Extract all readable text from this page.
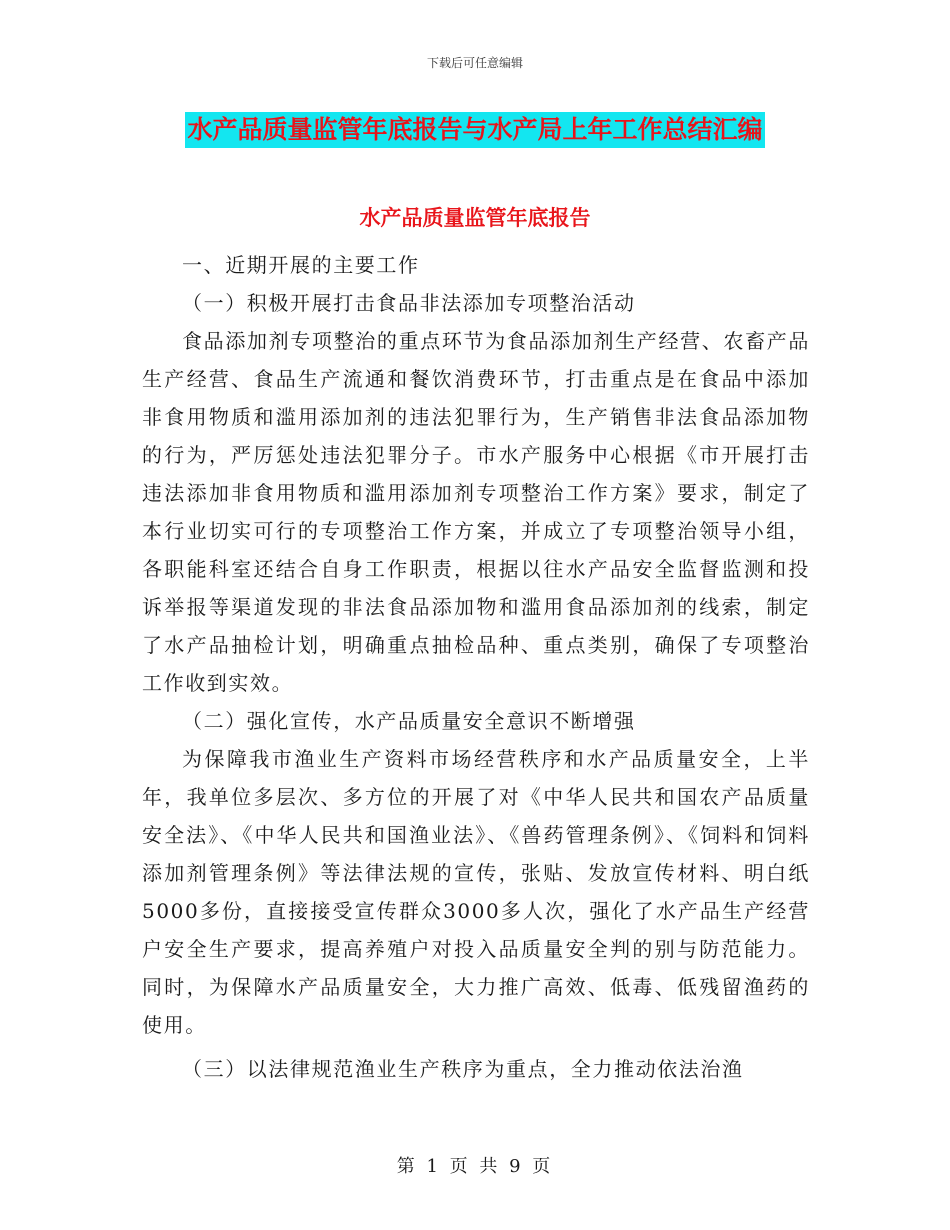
下载后可任意编辑
水产品质量监管年底报告与水产局上年工作总结汇编
水产品质量监管年底报告

一、近期开展的主要工作

（一）积极开展打击食品非法添加专项整治活动

食品添加剂专项整治的重点环节为食品添加剂生产经营、农畜产品生产经营、食品生产流通和餐饮消费环节，打击重点是在食品中添加非食用物质和滥用添加剂的违法犯罪行为，生产销售非法食品添加物的行为，严厉惩处违法犯罪分子。市水产服务中心根据《市开展打击违法添加非食用物质和滥用添加剂专项整治工作方案》要求，制定了本行业切实可行的专项整治工作方案，并成立了专项整治领导小组，各职能科室还结合自身工作职责，根据以往水产品安全监督监测和投诉举报等渠道发现的非法食品添加物和滥用食品添加剂的线索，制定了水产品抽检计划，明确重点抽检品种、重点类别，确保了专项整治工作收到实效。

（二）强化宣传，水产品质量安全意识不断增强

为保障我市渔业生产资料市场经营秩序和水产品质量安全，上半年，我单位多层次、多方位的开展了对《中华人民共和国农产品质量安全法》、《中华人民共和国渔业法》、《兽药管理条例》、《饲料和饲料添加剂管理条例》等法律法规的宣传，张贴、发放宣传材料、明白纸5000多份，直接接受宣传群众3000多人次，强化了水产品生产经营户安全生产要求，提高养殖户对投入品质量安全判的别与防范能力。同时，为保障水产品质量安全，大力推广高效、低毒、低残留渔药的使用。

（三）以法律规范渔业生产秩序为重点，全力推动依法治渔

第 1 页 共 9 页
